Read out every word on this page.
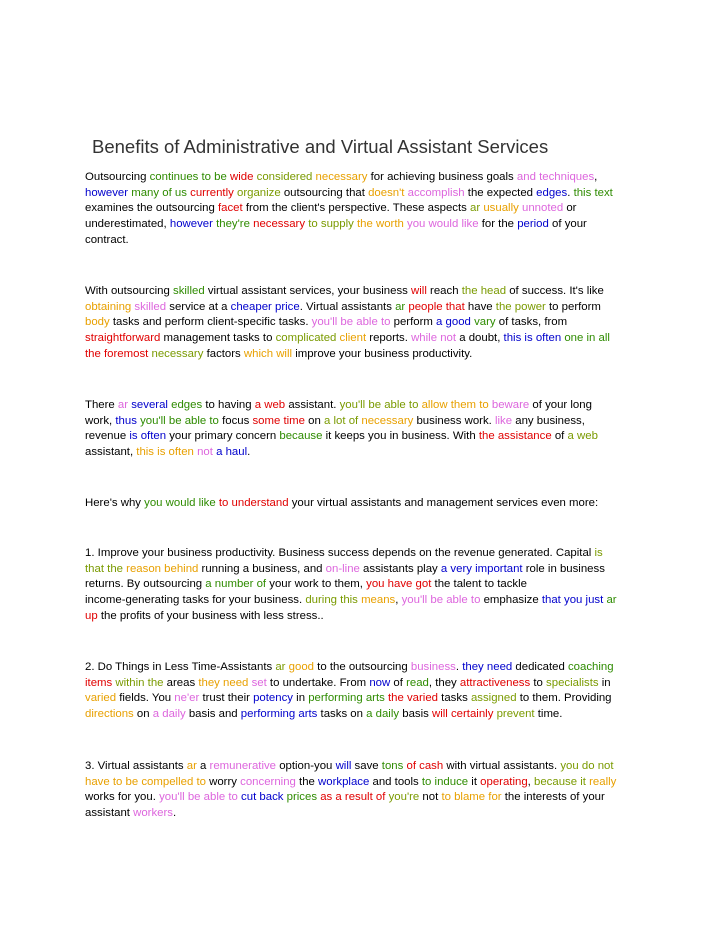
Benefits of Administrative and Virtual Assistant Services
Outsourcing continues to be wide considered necessary for achieving business goals and techniques,
however many of us currently organize outsourcing that doesn't accomplish the expected edges. this text
examines the outsourcing facet from the client's perspective. These aspects ar usually unnoted or
underestimated, however they're necessary to supply the worth you would like for the period of your
contract.
With outsourcing skilled virtual assistant services, your business will reach the head of success. It's like
obtaining skilled service at a cheaper price. Virtual assistants ar people that have the power to perform
body tasks and perform client-specific tasks. you'll be able to perform a good vary of tasks, from
straightforward management tasks to complicated client reports. while not a doubt, this is often one in all
the foremost necessary factors which will improve your business productivity.
There ar several edges to having a web assistant. you'll be able to allow them to beware of your long
work, thus you'll be able to focus some time on a lot of necessary business work. like any business,
revenue is often your primary concern because it keeps you in business. With the assistance of a web
assistant, this is often not a haul.
Here's why you would like to understand your virtual assistants and management services even more:
1. Improve your business productivity. Business success depends on the revenue generated. Capital is
that the reason behind running a business, and on-line assistants play a very important role in business
returns. By outsourcing a number of your work to them, you have got the talent to tackle
income-generating tasks for your business. during this means, you'll be able to emphasize that you just ar
up the profits of your business with less stress..
2. Do Things in Less Time-Assistants ar good to the outsourcing business. they need dedicated coaching
items within the areas they need set to undertake. From now of read, they attractiveness to specialists in
varied fields. You ne'er trust their potency in performing arts the varied tasks assigned to them. Providing
directions on a daily basis and performing arts tasks on a daily basis will certainly prevent time.
3. Virtual assistants ar a remunerative option-you will save tons of cash with virtual assistants. you do not
have to be compelled to worry concerning the workplace and tools to induce it operating, because it really
works for you. you'll be able to cut back prices as a result of you're not to blame for the interests of your
assistant workers.
